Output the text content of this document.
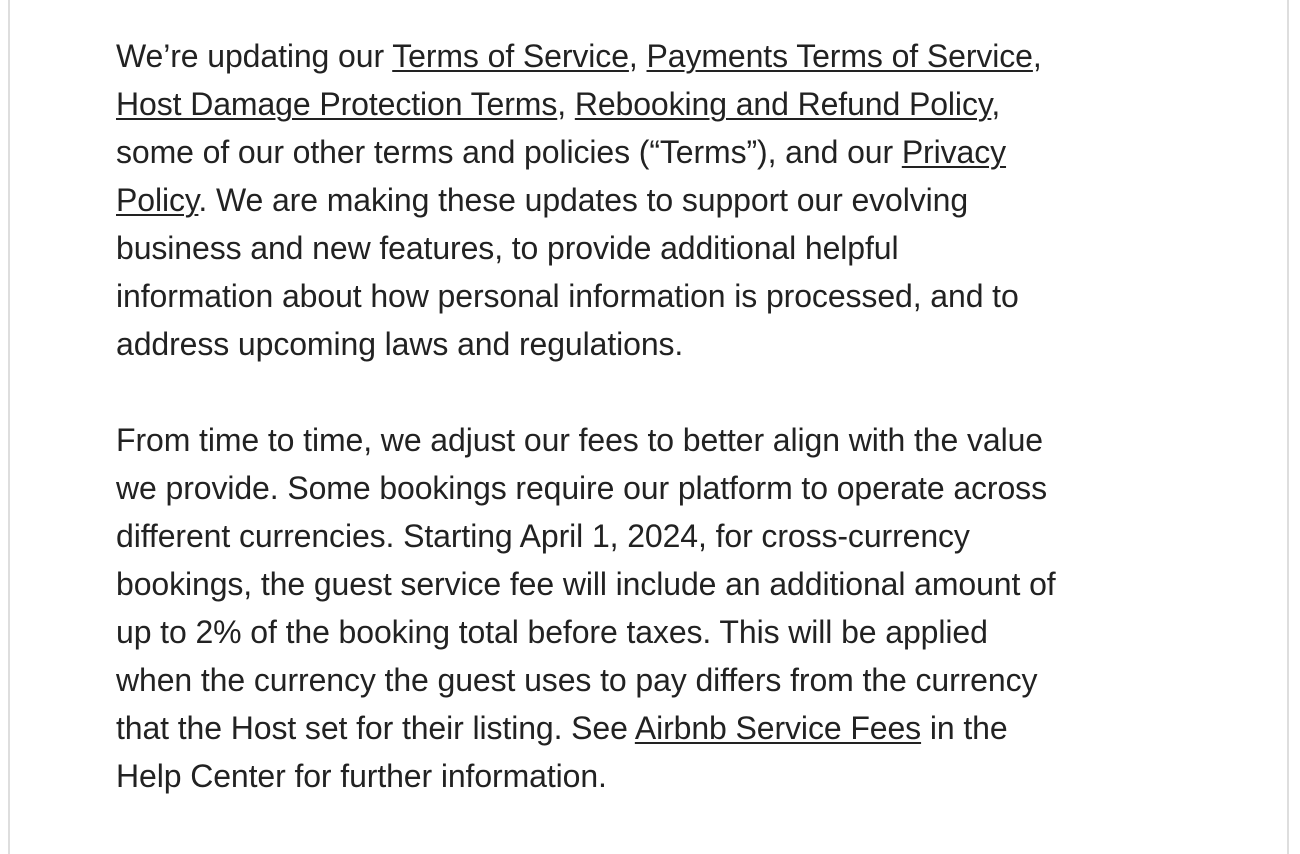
We’re updating our Terms of Service, Payments Terms of Service,
Host Damage Protection Terms, Rebooking and Refund Policy,
some of our other terms and policies (“Terms”), and our Privacy
Policy. We are making these updates to support our evolving
business and new features, to provide additional helpful
information about how personal information is processed, and to
address upcoming laws and regulations.
From time to time, we adjust our fees to better align with the value
we provide. Some bookings require our platform to operate across
different currencies. Starting April 1, 2024, for cross-currency
bookings, the guest service fee will include an additional amount of
up to 2% of the booking total before taxes. This will be applied
when the currency the guest uses to pay differs from the currency
that the Host set for their listing. See Airbnb Service Fees in the
Help Center for further information.
